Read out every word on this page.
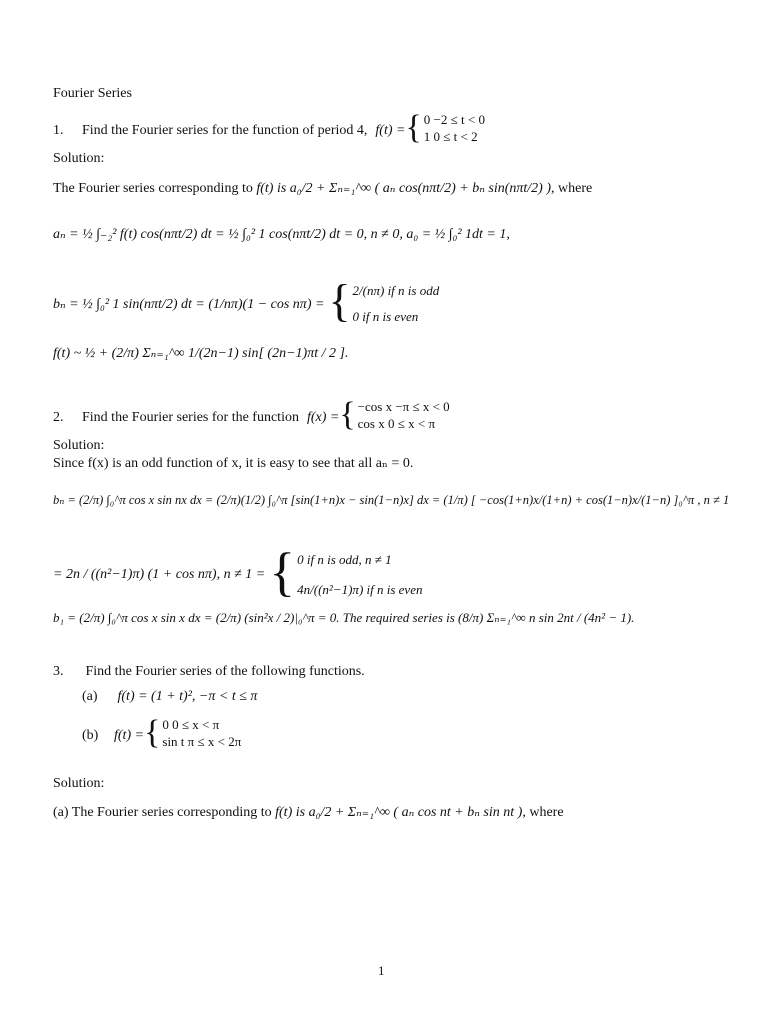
Fourier Series
1.	Find the Fourier series for the function of period 4, f(t) = { 0 −2 ≤ t < 0
1 0 ≤ t < 2
Solution:
The Fourier series corresponding to f(t) is a₀/2 + Σₙ₌₁^∞ ( aₙ cos(nπt/2) + bₙ sin(nπt/2) ), where
aₙ = ½ ∫₋₂² f(t) cos(nπt/2) dt = ½ ∫₀² 1 cos(nπt/2) dt = 0, n ≠ 0, a₀ = ½ ∫₀² 1dt = 1,
bₙ = ½ ∫₀² 1 sin(nπt/2) dt = (1/nπ)(1 − cos nπ) = { 2/(nπ) if n is odd
0 if n is even
f(t) ~ ½ + (2/π) Σₙ₌₁^∞ 1/(2n−1) sin[ (2n−1)πt / 2 ].
2.	Find the Fourier series for the function f(x) = { −cos x −π ≤ x < 0
cos x 0 ≤ x < π
Solution:
Since f(x) is an odd function of x, it is easy to see that all aₙ = 0.
bₙ = (2/π) ∫₀^π cos x sin nx dx = (2/π)(1/2) ∫₀^π [sin(1+n)x − sin(1−n)x] dx = (1/π) [ −cos(1+n)x/(1+n) + cos(1−n)x/(1−n) ]₀^π , n ≠ 1
= 2n / ((n²−1)π) (1 + cos nπ), n ≠ 1 = { 0 if n is odd, n ≠ 1
4n/((n²−1)π) if n is even
b₁ = (2/π) ∫₀^π cos x sin x dx = (2/π) (sin²x / 2)|₀^π = 0. The required series is (8/π) Σₙ₌₁^∞ n sin 2nt / (4n² − 1).
3. Find the Fourier series of the following functions.
(a) f(t) = (1 + t)², −π < t ≤ π
(b)	f(t) = { 0 0 ≤ x < π
sin t π ≤ x < 2π
Solution:
(a) The Fourier series corresponding to f(t) is a₀/2 + Σₙ₌₁^∞ ( aₙ cos nt + bₙ sin nt ), where
1
